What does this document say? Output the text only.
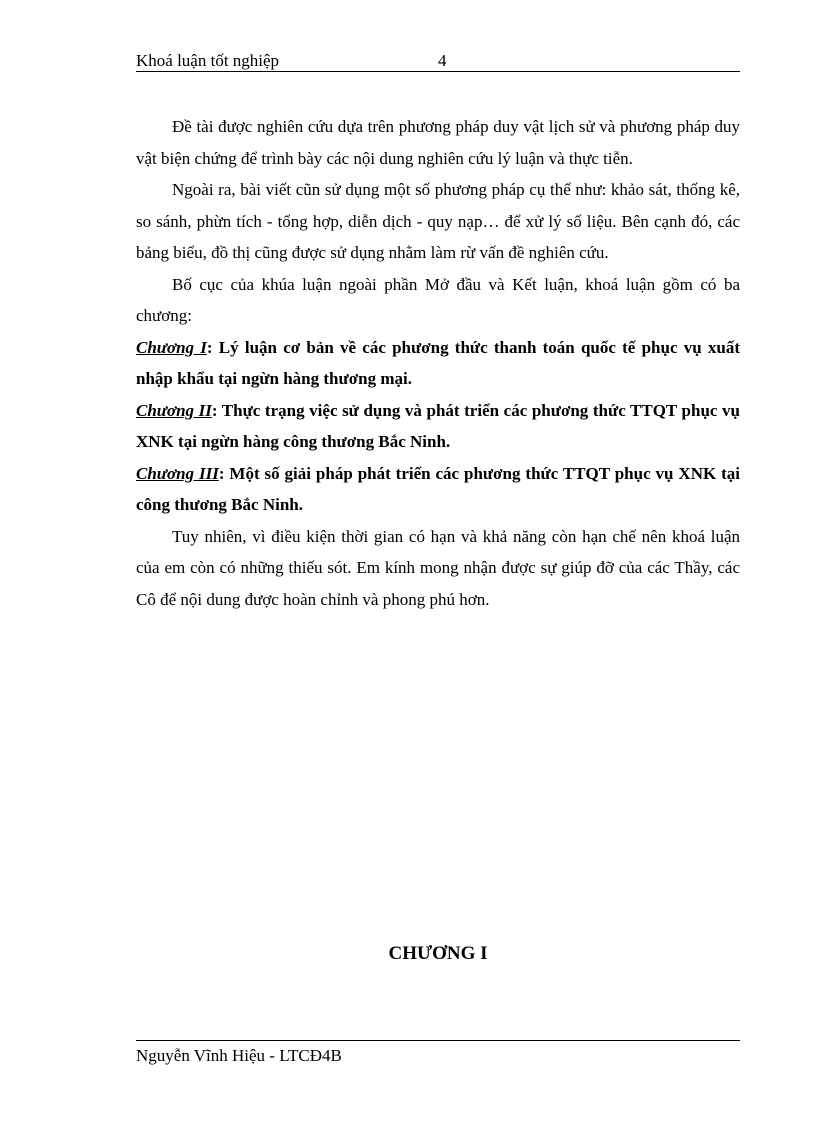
Khoá luận tốt nghiệp	4

Đề tài được nghiên cứu dựa trên phương pháp duy vật lịch sử và phương pháp duy vật biện chứng để trình bày các nội dung nghiên cứu lý luận và thực tiễn.

Ngoài ra, bài viết cũn sử dụng một số phương pháp cụ thể như: khảo sát, thống kê, so sánh, phừn tích - tổng hợp, diễn dịch - quy nạp… để xử lý số liệu. Bên cạnh đó, các bảng biểu, đồ thị cũng được sử dụng nhằm làm rừ vấn đề nghiên cứu.

Bố cục của khúa luận ngoài phần Mở đầu và Kết luận, khoá luận gồm có ba chương:

Chương I: Lý luận cơ bản về các phương thức thanh toán quốc tế phục vụ xuất nhập khẩu tại ngừn hàng thương mại.

Chương II: Thực trạng việc sử dụng và phát triển các phương thức TTQT phục vụ XNK tại ngừn hàng công thương Bắc Ninh.

Chương III: Một số giải pháp phát triển các phương thức TTQT phục vụ XNK tại công thương Bắc Ninh.

Tuy nhiên, vì điều kiện thời gian có hạn và khả năng còn hạn chế nên khoá luận của em còn có những thiếu sót. Em kính mong nhận được sự giúp đỡ của các Thầy, các Cô để nội dung được hoàn chỉnh và phong phú hơn.

CHƯƠNG I
Nguyễn Vĩnh Hiệu - LTCĐ4B
